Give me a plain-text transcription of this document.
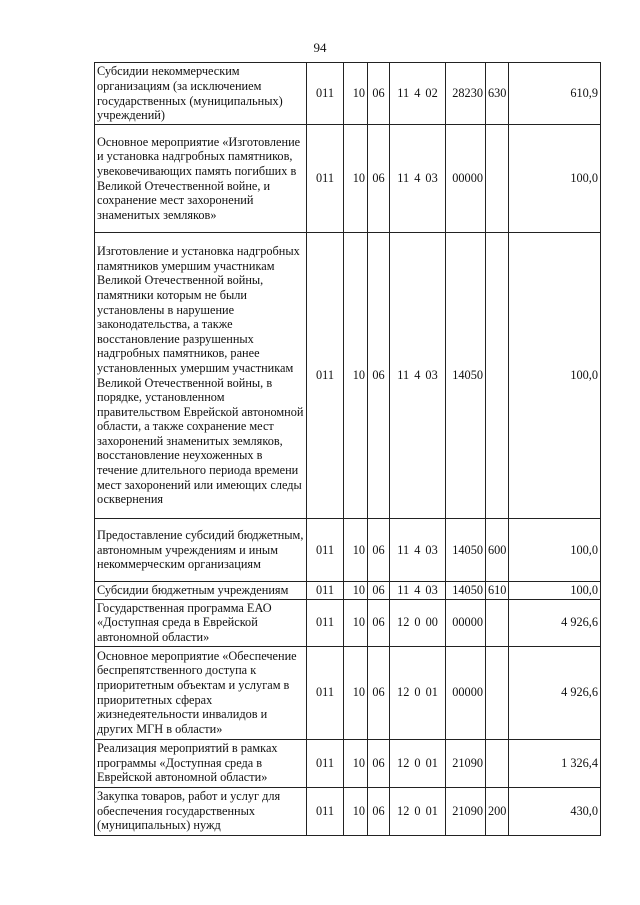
94
Субсидии некоммерческим организациям (за исключением государственных (муниципальных) учреждений)	011	10	06	11 4 02	28230	630	610,9
Основное мероприятие «Изготовление и установка надгробных памятников, увековечивающих память погибших в Великой Отечественной войне, и сохранение мест захоронений знаменитых земляков»	011	10	06	11 4 03	00000		100,0
Изготовление и установка надгробных памятников умершим участникам Великой Отечественной войны, памятники которым не были установлены в нарушение законодательства, а также восстановление разрушенных надгробных памятников, ранее установленных умершим участникам Великой Отечественной войны, в порядке, установленном правительством Еврейской автономной области, а также сохранение мест захоронений знаменитых земляков, восстановление неухоженных в течение длительного периода времени мест захоронений или имеющих следы осквернения	011	10	06	11 4 03	14050		100,0
Предоставление субсидий бюджетным, автономным учреждениям и иным некоммерческим организациям	011	10	06	11 4 03	14050	600	100,0
Субсидии бюджетным учреждениям	011	10	06	11 4 03	14050	610	100,0
Государственная программа ЕАО «Доступная среда в Еврейской автономной области»	011	10	06	12 0 00	00000		4 926,6
Основное мероприятие «Обеспечение беспрепятственного доступа к приоритетным объектам и услугам в приоритетных сферах жизнедеятельности инвалидов и других МГН в области»	011	10	06	12 0 01	00000		4 926,6
Реализация мероприятий в рамках программы «Доступная среда в Еврейской автономной области»	011	10	06	12 0 01	21090		1 326,4
Закупка товаров, работ и услуг для обеспечения государственных (муниципальных) нужд	011	10	06	12 0 01	21090	200	430,0
